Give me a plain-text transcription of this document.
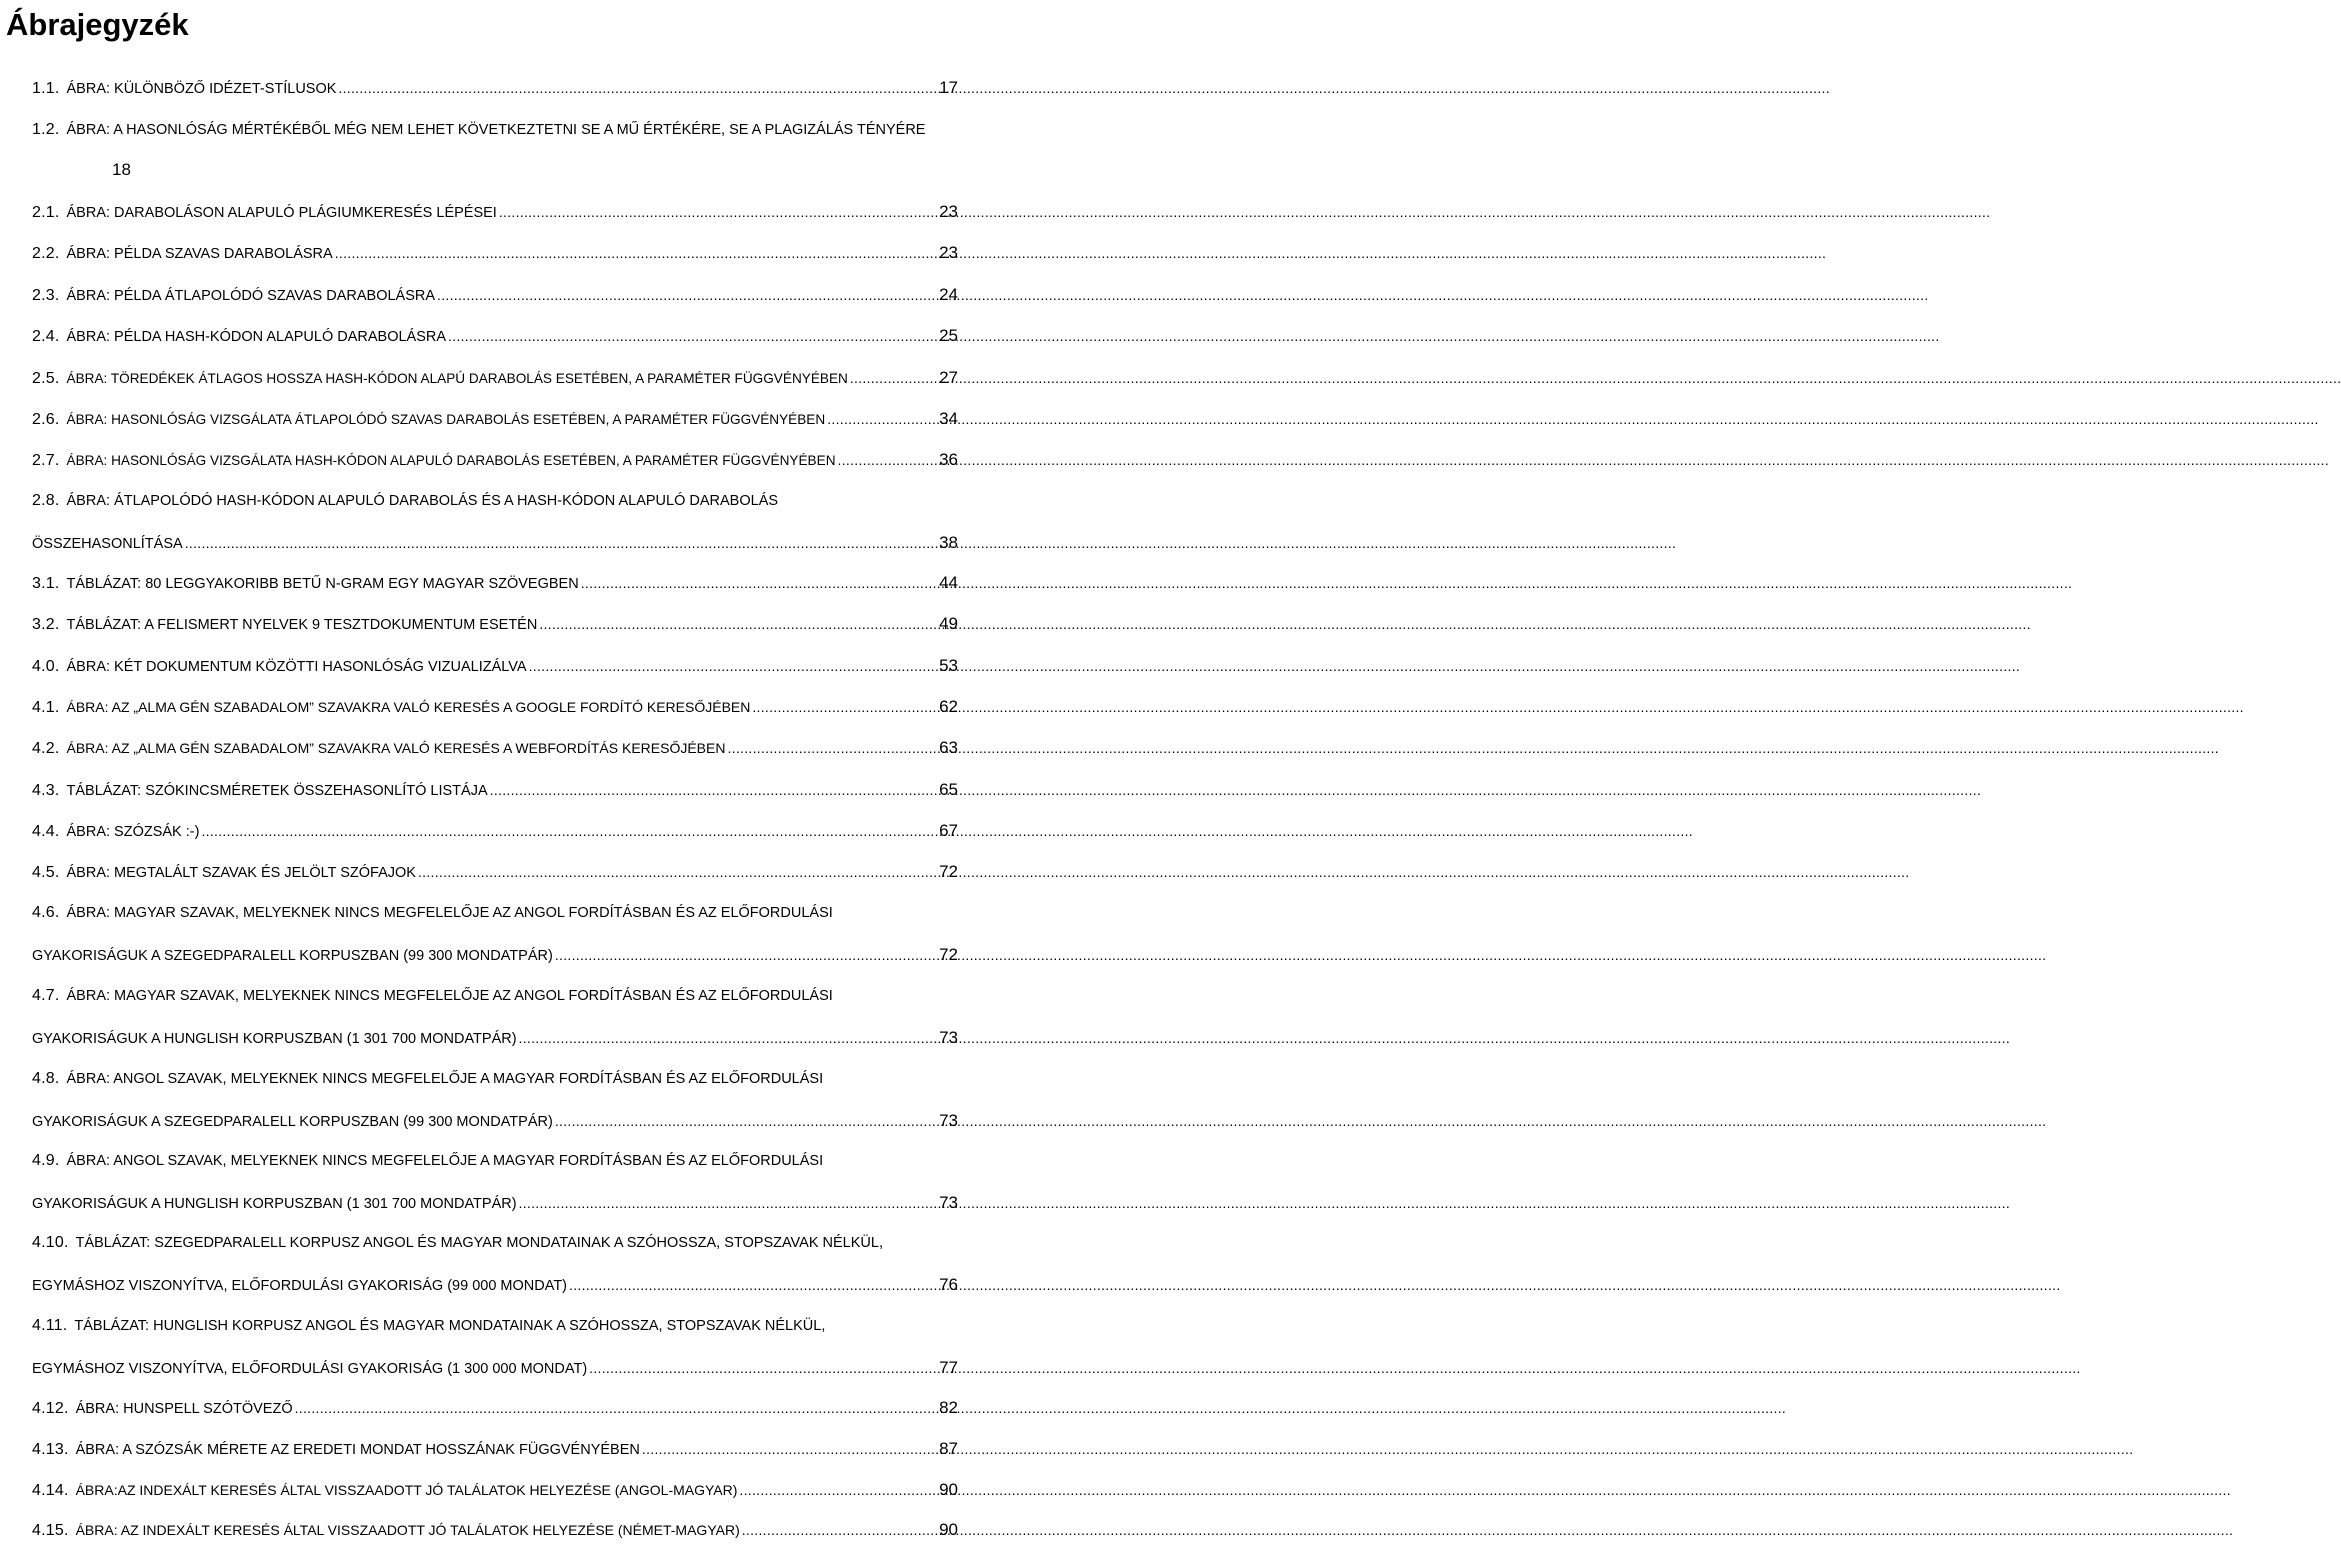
Ábrajegyzék
1.1. ÁBRA: KÜLÖNBÖZŐ IDÉZET-STÍLUSOK .....	17
1.2. ÁBRA: A HASONLÓSÁG MÉRTÉKÉBŐL MÉG NEM LEHET KÖVETKEZTETNI SE A MŰ ÉRTÉKÉRE, SE A PLAGIZÁLÁS TÉNYÉRE
18
2.1. ÁBRA: DARABOLÁSON ALAPULÓ PLÁGIUMKERESÉS LÉPÉSEI .....	23
2.2. ÁBRA: PÉLDA SZAVAS DARABOLÁSRA .....	23
2.3. ÁBRA: PÉLDA ÁTLAPOLÓDÓ SZAVAS DARABOLÁSRA .....	24
2.4. ÁBRA: PÉLDA HASH-KÓDON ALAPULÓ DARABOLÁSRA .....	25
2.5. ÁBRA: TÖREDÉKEK ÁTLAGOS HOSSZA HASH-KÓDON ALAPÚ DARABOLÁS ESETÉBEN, A PARAMÉTER FÜGGVÉNYÉBEN .....	27
2.6. ÁBRA: HASONLÓSÁG VIZSGÁLATA ÁTLAPOLÓDÓ SZAVAS DARABOLÁS ESETÉBEN, A PARAMÉTER FÜGGVÉNYÉBEN .....	34
2.7. ÁBRA: HASONLÓSÁG VIZSGÁLATA HASH-KÓDON ALAPULÓ DARABOLÁS ESETÉBEN, A PARAMÉTER FÜGGVÉNYÉBEN .....	36
2.8. ÁBRA: ÁTLAPOLÓDÓ HASH-KÓDON ALAPULÓ DARABOLÁS ÉS A HASH-KÓDON ALAPULÓ DARABOLÁS
ÖSSZEHASONLÍTÁSA .....	38
3.1. TÁBLÁZAT: 80 LEGGYAKORIBB BETŰ N-GRAM EGY MAGYAR SZÖVEGBEN .....	44
3.2. TÁBLÁZAT: A FELISMERT NYELVEK 9 TESZTDOKUMENTUM ESETÉN .....	49
4.0. ÁBRA: KÉT DOKUMENTUM KÖZÖTTI HASONLÓSÁG VIZUALIZÁLVA .....	53
4.1. ÁBRA: AZ „ALMA GÉN SZABADALOM” SZAVAKRA VALÓ KERESÉS A GOOGLE FORDÍTÓ KERESŐJÉBEN .....	62
4.2. ÁBRA: AZ „ALMA GÉN SZABADALOM” SZAVAKRA VALÓ KERESÉS A WEBFORDÍTÁS KERESŐJÉBEN .....	63
4.3. TÁBLÁZAT: SZÓKINCSMÉRETEK ÖSSZEHASONLÍTÓ LISTÁJA .....	65
4.4. ÁBRA: SZÓZSÁK :-) .....	67
4.5. ÁBRA: MEGTALÁLT SZAVAK ÉS JELÖLT SZÓFAJOK .....	72
4.6. ÁBRA: MAGYAR SZAVAK, MELYEKNEK NINCS MEGFELELŐJE AZ ANGOL FORDÍTÁSBAN ÉS AZ ELŐFORDULÁSI
GYAKORISÁGUK A SZEGEDPARALELL KORPUSZBAN (99 300 MONDATPÁR) .....	72
4.7. ÁBRA: MAGYAR SZAVAK, MELYEKNEK NINCS MEGFELELŐJE AZ ANGOL FORDÍTÁSBAN ÉS AZ ELŐFORDULÁSI
GYAKORISÁGUK A HUNGLISH KORPUSZBAN (1 301 700 MONDATPÁR) .....	73
4.8. ÁBRA: ANGOL SZAVAK, MELYEKNEK NINCS MEGFELELŐJE A MAGYAR FORDÍTÁSBAN ÉS AZ ELŐFORDULÁSI
GYAKORISÁGUK A SZEGEDPARALELL KORPUSZBAN (99 300 MONDATPÁR) .....	73
4.9. ÁBRA: ANGOL SZAVAK, MELYEKNEK NINCS MEGFELELŐJE A MAGYAR FORDÍTÁSBAN ÉS AZ ELŐFORDULÁSI
GYAKORISÁGUK A HUNGLISH KORPUSZBAN (1 301 700 MONDATPÁR) .....	73
4.10. TÁBLÁZAT: SZEGEDPARALELL KORPUSZ ANGOL ÉS MAGYAR MONDATAINAK A SZÓHOSSZA, STOPSZAVAK NÉLKÜL,
EGYMÁSHOZ VISZONYÍTVA, ELŐFORDULÁSI GYAKORISÁG (99 000 MONDAT) .....	76
4.11. TÁBLÁZAT: HUNGLISH KORPUSZ ANGOL ÉS MAGYAR MONDATAINAK A SZÓHOSSZA, STOPSZAVAK NÉLKÜL,
EGYMÁSHOZ VISZONYÍTVA, ELŐFORDULÁSI GYAKORISÁG (1 300 000 MONDAT) .....	77
4.12. ÁBRA: HUNSPELL SZÓTÖVEZŐ .....	82
4.13. ÁBRA: A SZÓZSÁK MÉRETE AZ EREDETI MONDAT HOSSZÁNAK FÜGGVÉNYÉBEN .....	87
4.14. ÁBRA:AZ INDEXÁLT KERESÉS ÁLTAL VISSZAADOTT JÓ TALÁLATOK HELYEZÉSE (ANGOL-MAGYAR) .....	90
4.15. ÁBRA: AZ INDEXÁLT KERESÉS ÁLTAL VISSZAADOTT JÓ TALÁLATOK HELYEZÉSE (NÉMET-MAGYAR) .....	90
